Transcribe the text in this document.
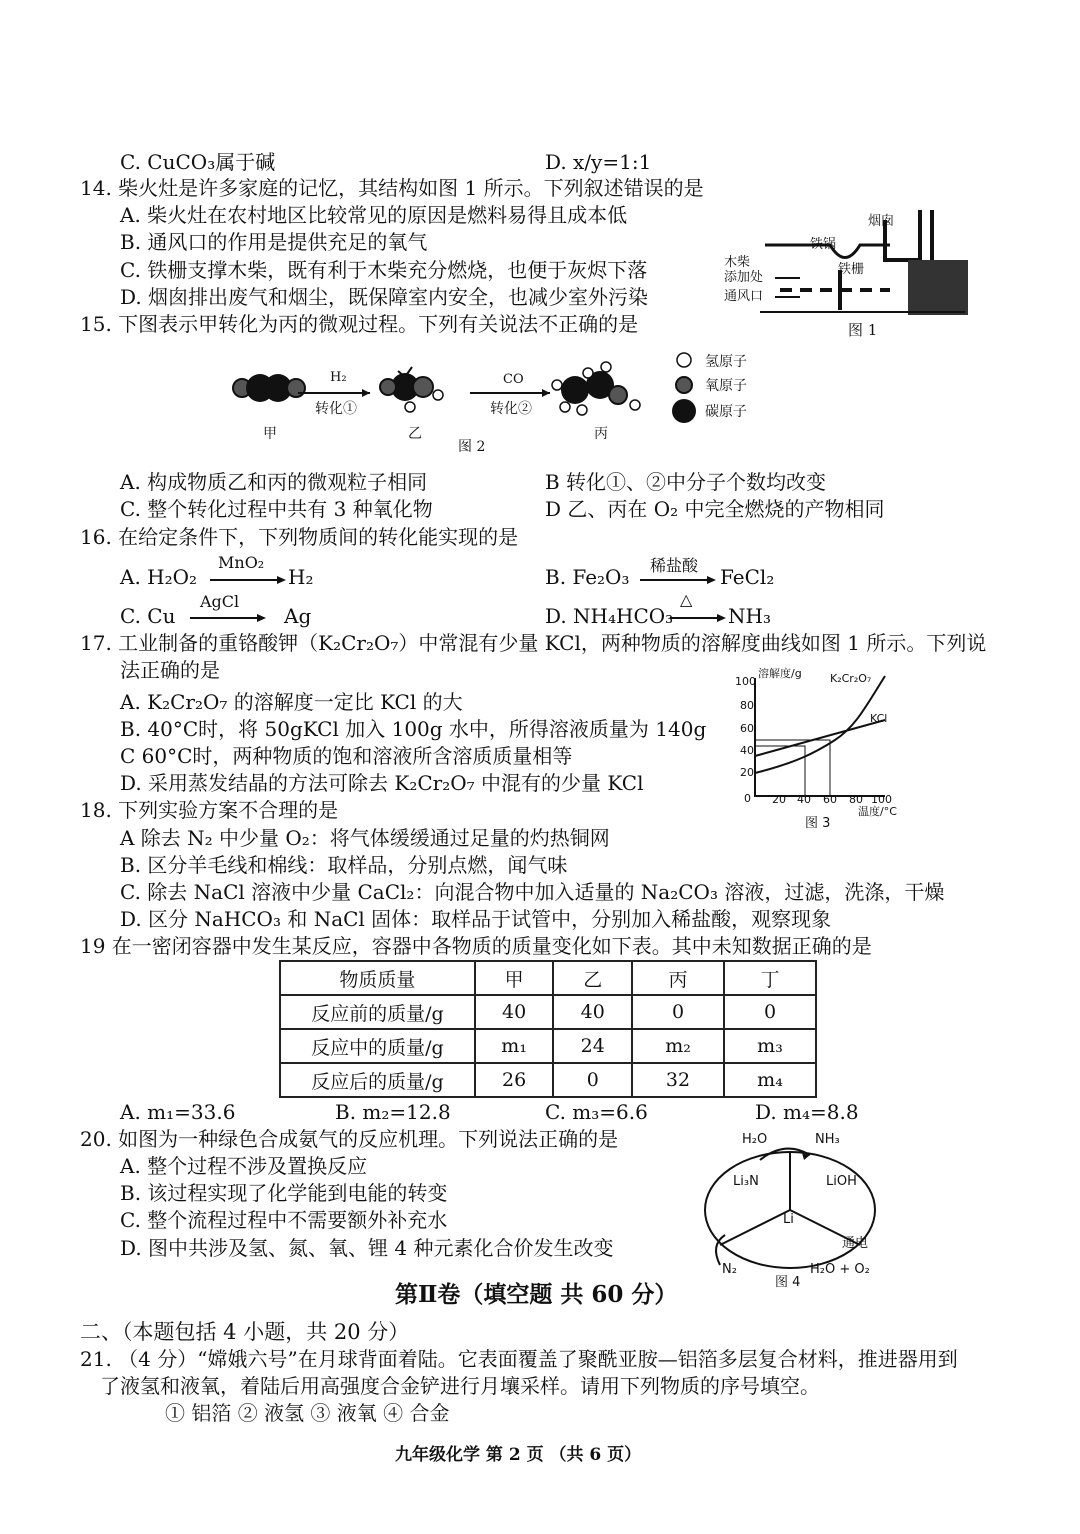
C. CuCO₃属于碱	D. x/y=1:1
14. 柴火灶是许多家庭的记忆，其结构如图 1 所示。下列叙述错误的是
A. 柴火灶在农村地区比较常见的原因是燃料易得且成本低
B. 通风口的作用是提供充足的氧气
C. 铁栅支撑木柴，既有利于木柴充分燃烧，也便于灰烬下落
D. 烟囱排出废气和烟尘，既保障室内安全，也减少室外污染
15. 下图表示甲转化为丙的微观过程。下列有关说法不正确的是
烟囱
铁锅
铁栅
木柴
添加处
通风口
图 1
H₂
转化①
CO
转化②
甲	乙	丙
图 2
氢原子
氧原子
碳原子
A. 构成物质乙和丙的微观粒子相同	B 转化①、②中分子个数均改变
C. 整个转化过程中共有 3 种氧化物	D 乙、丙在 O₂ 中完全燃烧的产物相同
16. 在给定条件下，下列物质间的转化能实现的是
A. H₂O₂
MnO₂
H₂	B. Fe₂O₃ 稀盐酸 FeCl₂
C. Cu
AgCl
Ag	D. NH₄HCO₃
△
NH₃
17. 工业制备的重铬酸钾（K₂Cr₂O₇）中常混有少量 KCl，两种物质的溶解度曲线如图 1 所示。下列说
法正确的是
A. K₂Cr₂O₇ 的溶解度一定比 KCl 的大
B. 40°C时，将 50gKCl 加入 100g 水中，所得溶液质量为 140g
C 60°C时，两种物质的饱和溶液所含溶质质量相等
D. 采用蒸发结晶的方法可除去 K₂Cr₂O₇ 中混有的少量 KCl
溶解度/g	K₂Cr₂O₇
KCl
100
80
60
40
20
0 20 40 60 80 100
温度/°C
图 3
18. 下列实验方案不合理的是
A 除去 N₂ 中少量 O₂：将气体缓缓通过足量的灼热铜网
B. 区分羊毛线和棉线：取样品，分别点燃，闻气味
C. 除去 NaCl 溶液中少量 CaCl₂：向混合物中加入适量的 Na₂CO₃ 溶液，过滤，洗涤，干燥
D. 区分 NaHCO₃ 和 NaCl 固体：取样品于试管中，分别加入稀盐酸，观察现象
19 在一密闭容器中发生某反应，容器中各物质的质量变化如下表。其中未知数据正确的是
物质质量	甲	乙	丙	丁
反应前的质量/g	40	40	0	0
反应中的质量/g	m₁	24	m₂	m₃
反应后的质量/g	26	0	32	m₄
A. m₁=33.6	B. m₂=12.8	C. m₃=6.6	D. m₄=8.8
20. 如图为一种绿色合成氨气的反应机理。下列说法正确的是
A. 整个过程不涉及置换反应
B. 该过程实现了化学能到电能的转变
C. 整个流程过程中不需要额外补充水
D. 图中共涉及氢、氮、氧、锂 4 种元素化合价发生改变
H₂O	NH₃
Li₃N	LiOH
Li
通电
N₂	H₂O + O₂
图 4
第Ⅱ卷（填空题 共 60 分）
二、（本题包括 4 小题，共 20 分）
21. （4 分）“嫦娥六号”在月球背面着陆。它表面覆盖了聚酰亚胺—铝箔多层复合材料，推进器用到
了液氢和液氧，着陆后用高强度合金铲进行月壤采样。请用下列物质的序号填空。
① 铝箔 ② 液氢 ③ 液氧 ④ 合金
九年级化学 第 2 页 （共 6 页）
